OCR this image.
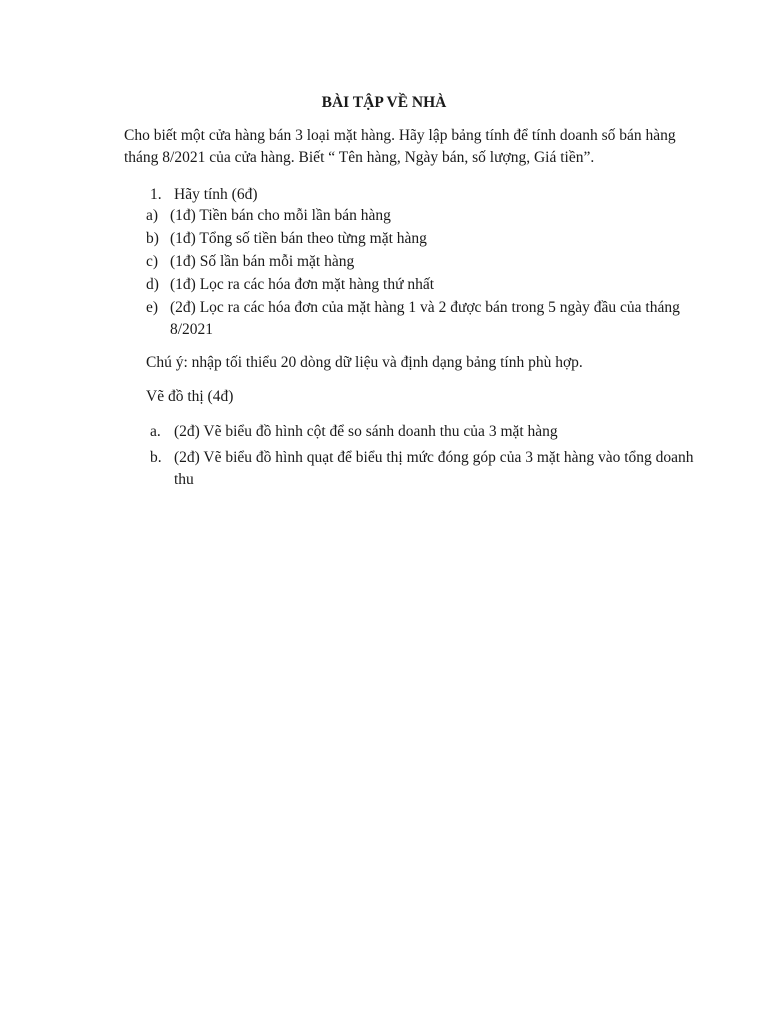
BÀI TẬP VỀ NHÀ

Cho biết một cửa hàng bán 3 loại mặt hàng. Hãy lập bảng tính để tính doanh số bán hàng

tháng 8/2021 của cửa hàng. Biết “ Tên hàng, Ngày bán, số lượng, Giá tiền”.

1. Hãy tính (6đ)
a) (1đ) Tiền bán cho mỗi lần bán hàng
b) (1đ) Tổng số tiền bán theo từng mặt hàng
c) (1đ) Số lần bán mỗi mặt hàng
d) (1đ) Lọc ra các hóa đơn mặt hàng thứ nhất
e) (2đ) Lọc ra các hóa đơn của mặt hàng 1 và 2 được bán trong 5 ngày đầu của tháng 8/2021
Chú ý: nhập tối thiểu 20 dòng dữ liệu và định dạng bảng tính phù hợp.
Vẽ đồ thị (4đ)
a. (2đ) Vẽ biểu đồ hình cột để so sánh doanh thu của 3 mặt hàng
b. (2đ) Vẽ biểu đồ hình quạt để biểu thị mức đóng góp của 3 mặt hàng vào tổng doanh thu
